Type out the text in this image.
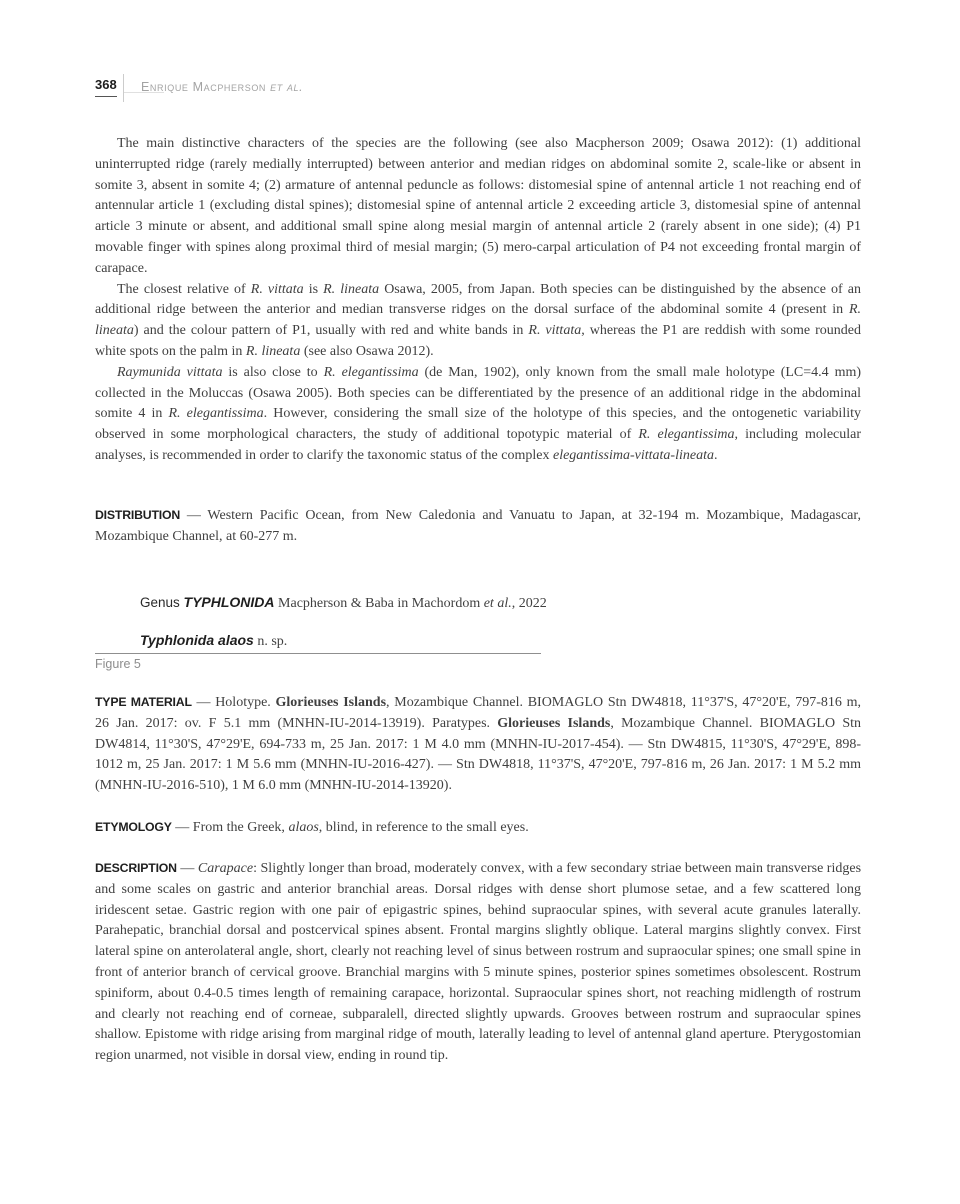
368 Enrique Macpherson et al.

The main distinctive characters of the species are the following (see also Macpherson 2009; Osawa 2012): (1) additional uninterrupted ridge (rarely medially interrupted) between anterior and median ridges on abdominal somite 2, scale-like or absent in somite 3, absent in somite 4; (2) armature of antennal peduncle as follows: distomesial spine of antennal article 1 not reaching end of antennular article 1 (excluding distal spines); distomesial spine of antennal article 2 exceeding article 3, distomesial spine of antennal article 3 minute or absent, and additional small spine along mesial margin of antennal article 2 (rarely absent in one side); (4) P1 movable finger with spines along proximal third of mesial margin; (5) mero-carpal articulation of P4 not exceeding frontal margin of carapace.

The closest relative of R. vittata is R. lineata Osawa, 2005, from Japan. Both species can be distinguished by the absence of an additional ridge between the anterior and median transverse ridges on the dorsal surface of the abdominal somite 4 (present in R. lineata) and the colour pattern of P1, usually with red and white bands in R. vittata, whereas the P1 are reddish with some rounded white spots on the palm in R. lineata (see also Osawa 2012).

Raymunida vittata is also close to R. elegantissima (de Man, 1902), only known from the small male holotype (LC=4.4 mm) collected in the Moluccas (Osawa 2005). Both species can be differentiated by the presence of an additional ridge in the abdominal somite 4 in R. elegantissima. However, considering the small size of the holotype of this species, and the ontogenetic variability observed in some morphological characters, the study of additional topotypic material of R. elegantissima, including molecular analyses, is recommended in order to clarify the taxonomic status of the complex elegantissima-vittata-lineata.

DISTRIBUTION — Western Pacific Ocean, from New Caledonia and Vanuatu to Japan, at 32-194 m. Mozambique, Madagascar, Mozambique Channel, at 60-277 m.

Genus TYPHLONIDA Macpherson & Baba in Machordom et al., 2022

Typhlonida alaos n. sp.

Figure 5

TYPE MATERIAL — Holotype. Glorieuses Islands, Mozambique Channel. BIOMAGLO Stn DW4818, 11°37'S, 47°20'E, 797-816 m, 26 Jan. 2017: ov. F 5.1 mm (MNHN-IU-2014-13919). Paratypes. Glorieuses Islands, Mozambique Channel. BIOMAGLO Stn DW4814, 11°30'S, 47°29'E, 694-733 m, 25 Jan. 2017: 1 M 4.0 mm (MNHN-IU-2017-454). — Stn DW4815, 11°30'S, 47°29'E, 898-1012 m, 25 Jan. 2017: 1 M 5.6 mm (MNHN-IU-2016-427). — Stn DW4818, 11°37'S, 47°20'E, 797-816 m, 26 Jan. 2017: 1 M 5.2 mm (MNHN-IU-2016-510), 1 M 6.0 mm (MNHN-IU-2014-13920).

ETYMOLOGY — From the Greek, alaos, blind, in reference to the small eyes.

DESCRIPTION — Carapace: Slightly longer than broad, moderately convex, with a few secondary striae between main transverse ridges and some scales on gastric and anterior branchial areas. Dorsal ridges with dense short plumose setae, and a few scattered long iridescent setae. Gastric region with one pair of epigastric spines, behind supraocular spines, with several acute granules laterally. Parahepatic, branchial dorsal and postcervical spines absent. Frontal margins slightly oblique. Lateral margins slightly convex. First lateral spine on anterolateral angle, short, clearly not reaching level of sinus between rostrum and supraocular spines; one small spine in front of anterior branch of cervical groove. Branchial margins with 5 minute spines, posterior spines sometimes obsolescent. Rostrum spiniform, about 0.4-0.5 times length of remaining carapace, horizontal. Supraocular spines short, not reaching midlength of rostrum and clearly not reaching end of corneae, subparalell, directed slightly upwards. Grooves between rostrum and supraocular spines shallow. Epistome with ridge arising from marginal ridge of mouth, laterally leading to level of antennal gland aperture. Pterygostomian region unarmed, not visible in dorsal view, ending in round tip.
